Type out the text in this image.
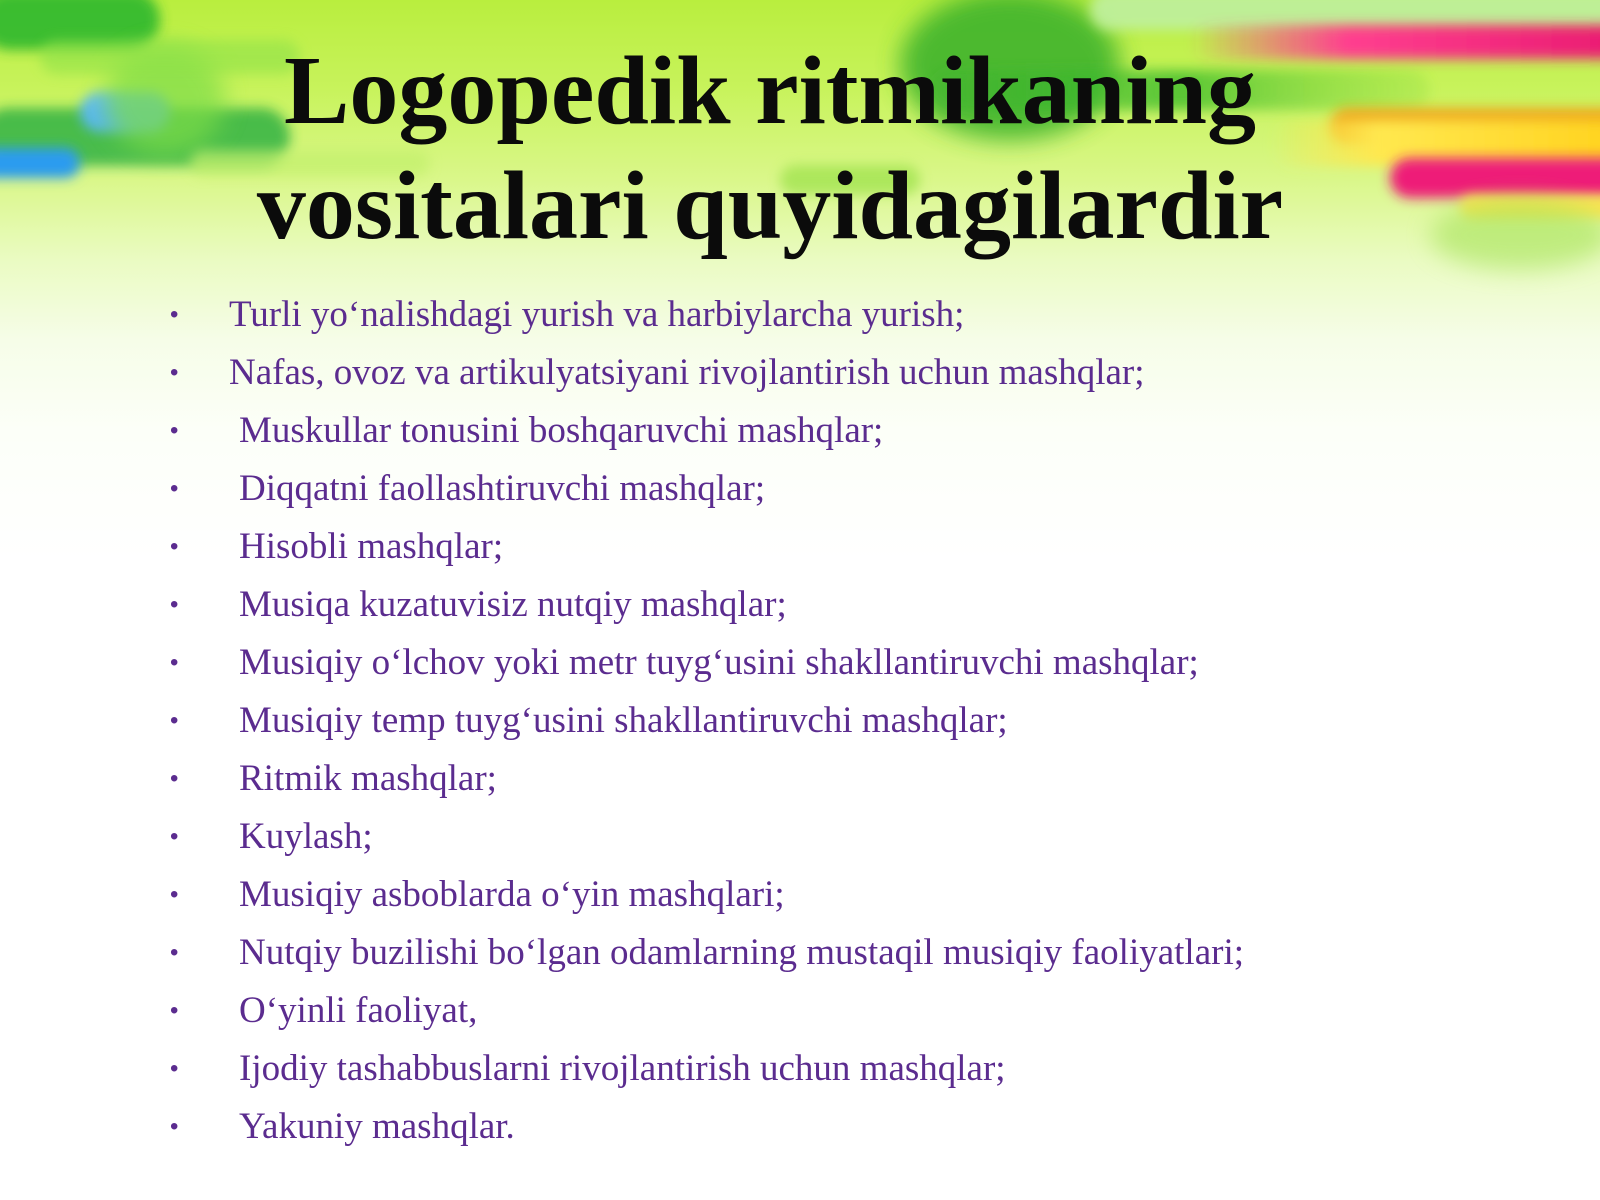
Logopedik ritmikaning
vositalari quyidagilardir
•	Turli yo‘nalishdagi yurish va harbiylarcha yurish;
•	Nafas, ovoz va artikulyatsiyani rivojlantirish uchun mashqlar;
•	Muskullar tonusini boshqaruvchi mashqlar;
•	Diqqatni faollashtiruvchi mashqlar;
•	Hisobli mashqlar;
•	Musiqa kuzatuvisiz nutqiy mashqlar;
•	Musiqiy o‘lchov yoki metr tuyg‘usini shakllantiruvchi mashqlar;
•	Musiqiy temp tuyg‘usini shakllantiruvchi mashqlar;
•	Ritmik mashqlar;
•	Kuylash;
•	Musiqiy asboblarda o‘yin mashqlari;
•	Nutqiy buzilishi bo‘lgan odamlarning mustaqil musiqiy faoliyatlari;
•	O‘yinli faoliyat,
•	Ijodiy tashabbuslarni rivojlantirish uchun mashqlar;
•	Yakuniy mashqlar.
